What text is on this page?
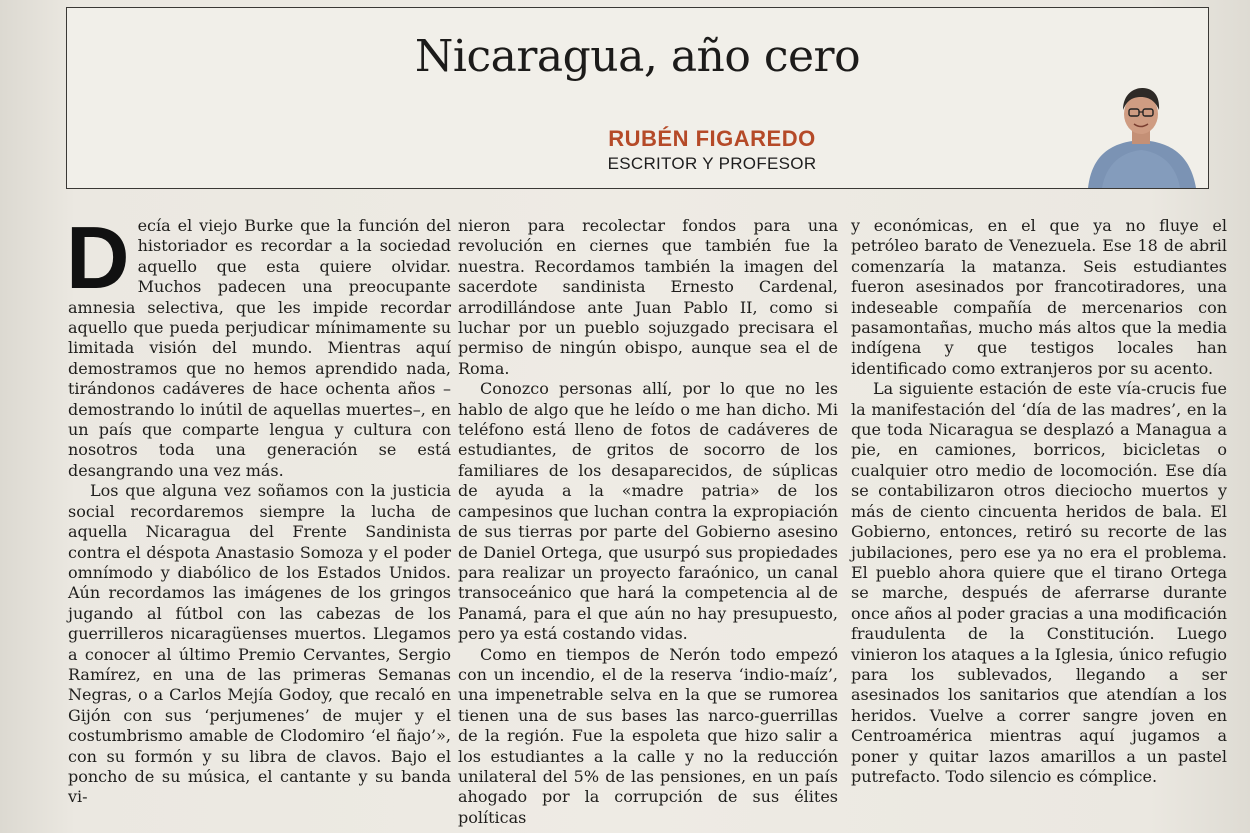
Nicaragua, año cero
RUBÉN FIGAREDO
ESCRITOR Y PROFESOR

Decía el viejo Burke que la función del historiador es recordar a la sociedad aquello que esta quiere olvidar. Muchos padecen una preocupante amnesia selectiva, que les impide recordar aquello que pueda perjudicar mínimamente su limitada visión del mundo. Mientras aquí demostramos que no hemos aprendido nada, tirándonos cadáveres de hace ochenta años –demostrando lo inútil de aquellas muertes–, en un país que comparte lengua y cultura con nosotros toda una generación se está desangrando una vez más.

Los que alguna vez soñamos con la justicia social recordaremos siempre la lucha de aquella Nicaragua del Frente Sandinista contra el déspota Anastasio Somoza y el poder omnímodo y diabólico de los Estados Unidos. Aún recordamos las imágenes de los gringos jugando al fútbol con las cabezas de los guerrilleros nicaragüenses muertos. Llegamos a conocer al último Premio Cervantes, Sergio Ramírez, en una de las primeras Semanas Negras, o a Carlos Mejía Godoy, que recaló en Gijón con sus ‘perjumenes’ de mujer y el costumbrismo amable de Clodomiro ‘el ñajo’», con su formón y su libra de clavos. Bajo el poncho de su música, el cantante y su banda vi-

nieron para recolectar fondos para una revolución en ciernes que también fue la nuestra. Recordamos también la imagen del sacerdote sandinista Ernesto Cardenal, arrodillándose ante Juan Pablo II, como si luchar por un pueblo sojuzgado precisara el permiso de ningún obispo, aunque sea el de Roma.

Conozco personas allí, por lo que no les hablo de algo que he leído o me han dicho. Mi teléfono está lleno de fotos de cadáveres de estudiantes, de gritos de socorro de los familiares de los desaparecidos, de súplicas de ayuda a la «madre patria» de los campesinos que luchan contra la expropiación de sus tierras por parte del Gobierno asesino de Daniel Ortega, que usurpó sus propiedades para realizar un proyecto faraónico, un canal transoceánico que hará la competencia al de Panamá, para el que aún no hay presupuesto, pero ya está costando vidas.

Como en tiempos de Nerón todo empezó con un incendio, el de la reserva ‘indio-maíz’, una impenetrable selva en la que se rumorea tienen una de sus bases las narco-guerrillas de la región. Fue la espoleta que hizo salir a los estudiantes a la calle y no la reducción unilateral del 5% de las pensiones, en un país ahogado por la corrupción de sus élites políticas

y económicas, en el que ya no fluye el petróleo barato de Venezuela. Ese 18 de abril comenzaría la matanza. Seis estudiantes fueron asesinados por francotiradores, una indeseable compañía de mercenarios con pasamontañas, mucho más altos que la media indígena y que testigos locales han identificado como extranjeros por su acento.

La siguiente estación de este vía-crucis fue la manifestación del ‘día de las madres’, en la que toda Nicaragua se desplazó a Managua a pie, en camiones, borricos, bicicletas o cualquier otro medio de locomoción. Ese día se contabilizaron otros dieciocho muertos y más de ciento cincuenta heridos de bala. El Gobierno, entonces, retiró su recorte de las jubilaciones, pero ese ya no era el problema. El pueblo ahora quiere que el tirano Ortega se marche, después de aferrarse durante once años al poder gracias a una modificación fraudulenta de la Constitución. Luego vinieron los ataques a la Iglesia, único refugio para los sublevados, llegando a ser asesinados los sanitarios que atendían a los heridos. Vuelve a correr sangre joven en Centroamérica mientras aquí jugamos a poner y quitar lazos amarillos a un pastel putrefacto. Todo silencio es cómplice.
